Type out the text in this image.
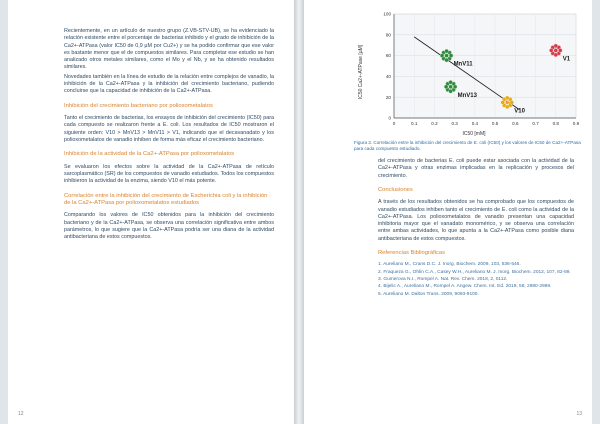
Recientemente, en un artículo de nuestro grupo (Z.VB-STV-UB), se ha evidenciado la relación existente entre el porcentaje de bacterias inhibido y el grado de inhibición de la Ca2+-ATPasa (valor IC50 de 0,9 µM por Cu2+) y se ha podido confirmar que ese valor es bastante menor que el de compuestos similares. Para completar ese estudio se han analizado otros metales similares, como el Mo y el Nb, y se ha obtenido resultados similares.

Novedades también en la línea de estudio de la relación entre complejos de vanadio, la inhibición de la Ca2+-ATPasa y la inhibición del crecimiento bacteriano, pudiendo concluirse que la capacidad de inhibición de la Ca2+-ATPasa.

Inhibición del crecimiento bacteriano por polioxometalatos

Tanto el crecimiento de bacterias, los ensayos de inhibición del crecimiento (IC50) para cada compuesto se realizaron frente a E. coli. Los resultados de IC50 mostraron el siguiente orden: V10 > MnV13 > MnV11 > V1, indicando que el decavanadato y los polioxometalatos de vanadio inhiben de forma más eficaz el crecimiento bacteriano.

Inhibición de la actividad de la Ca2+-ATPasa por polioxometalatos

Se evaluaron los efectos sobre la actividad de la Ca2+-ATPasa de retículo sarcoplasmático (SR) de los compuestos de vanadio estudiados. Todos los compuestos inhibieron la actividad de la enzima, siendo V10 el más potente.

Correlación entre la inhibición del crecimiento de Escherichia coli y la inhibición de la Ca2+-ATPasa por polioxometalatos estudiados

Comparando los valores de IC50 obtenidos para la inhibición del crecimiento bacteriano y de la Ca2+-ATPasa, se observa una correlación significativa entre ambos parámetros, lo que sugiere que la Ca2+-ATPasa podría ser una diana de la actividad antibacteriana de estos compuestos.

12
0
20
40
60
80
100
0	0.1	0.2	0.3	0.4	0.5	0.6	0.7	0.8	0.9
MnV11
MnV13
V10
V1
IC50 [mM]
IC50 Ca2+-ATPase [µM]
Figura 3. Correlación entre la inhibición del crecimiento de E. coli (IC50) y los valores de IC50 de Ca2+-ATPasa para cada compuesto estudiado.

del crecimiento de bacterias E. coli puede estar asociada con la actividad de la Ca2+-ATPasa y otras enzimas implicadas en la replicación y procesos del crecimiento.

Conclusiones

A través de los resultados obtenidos se ha comprobado que los compuestos de vanadio estudiados inhiben tanto el crecimiento de E. coli como la actividad de la Ca2+-ATPasa. Los polioxometalatos de vanadio presentan una capacidad inhibitoria mayor que el vanadato monomérico, y se observa una correlación entre ambas actividades, lo que apunta a la Ca2+-ATPasa como posible diana antibacteriana de estos compuestos.

Referencias Bibliográficas
1. Aureliano M., Crans D.C. J. Inorg. Biochem. 2009, 103, 536-546.
2. Fraqueza G., Ohlin C.A., Casey W.H., Aureliano M. J. Inorg. Biochem. 2012, 107, 82-89.
3. Gumerova N.I., Rompel A. Nat. Rev. Chem. 2018, 2, 0112.
4. Bijelic A., Aureliano M., Rompel A. Angew. Chem. Int. Ed. 2019, 58, 2980-2999.
5. Aureliano M. Dalton Trans. 2009, 9093-9100.
13
